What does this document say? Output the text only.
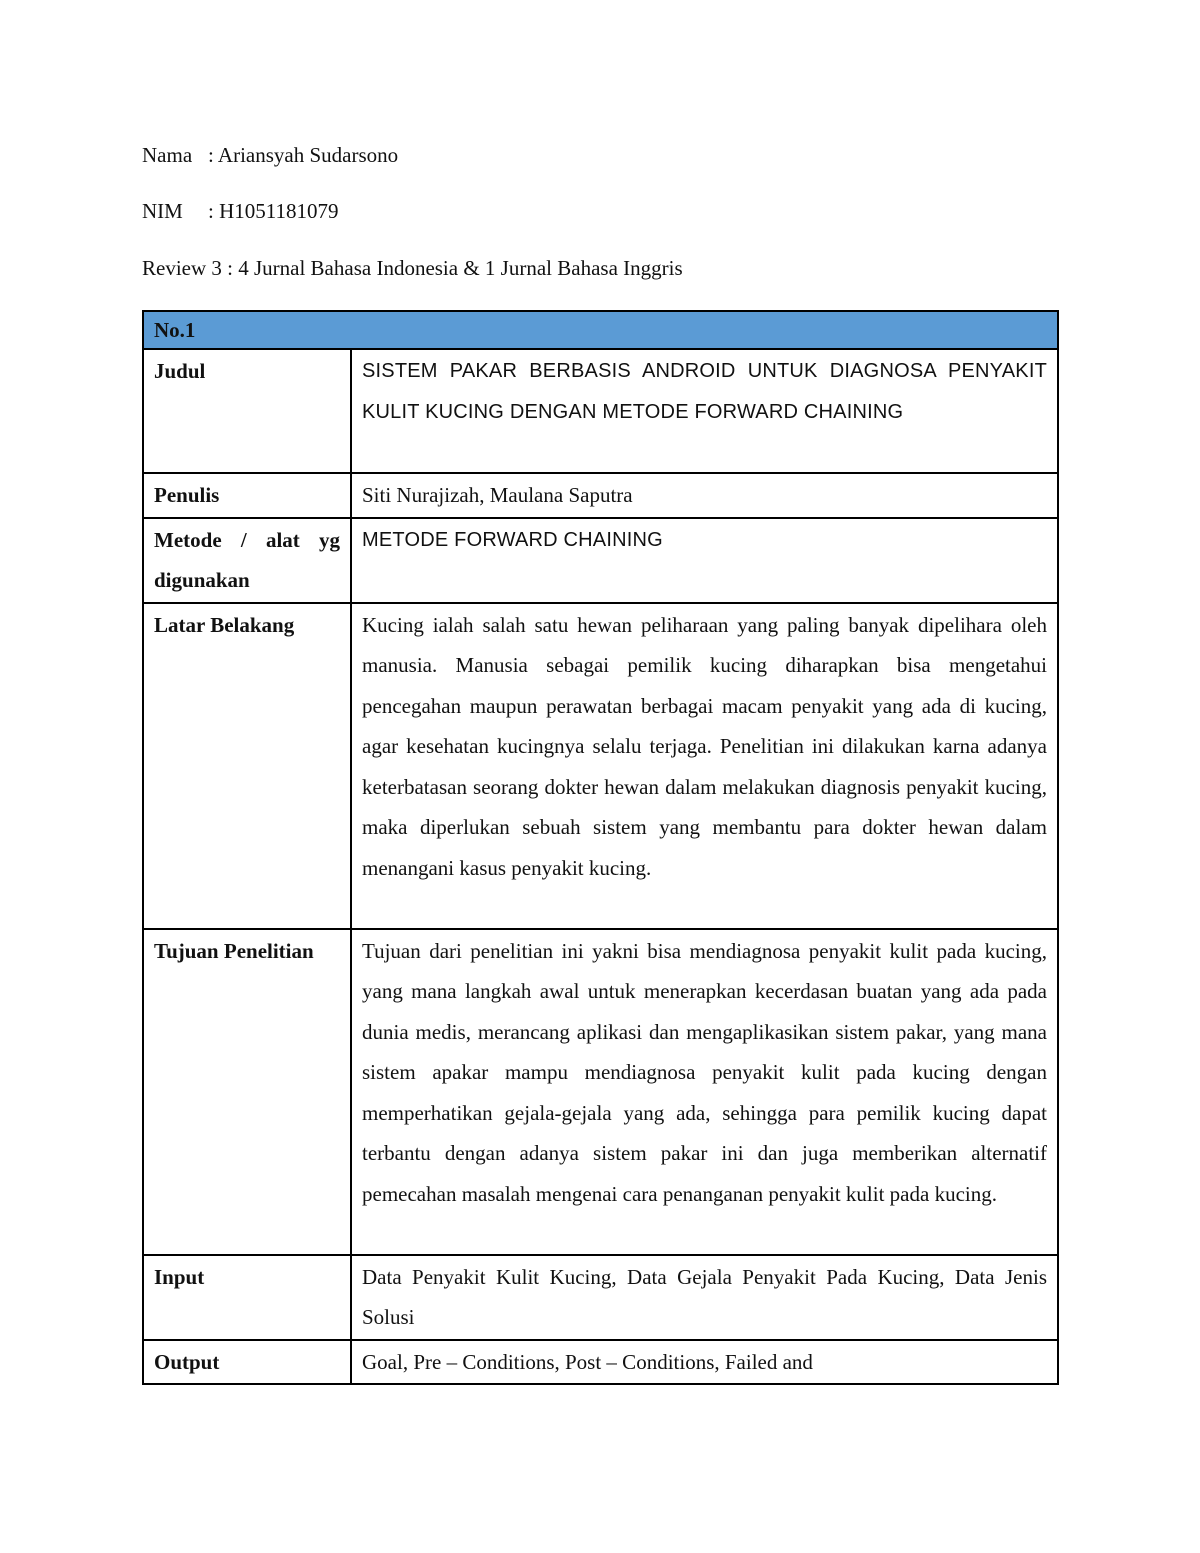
Nama : Ariansyah Sudarsono
NIM : H1051181079
Review 3 : 4 Jurnal Bahasa Indonesia & 1 Jurnal Bahasa Inggris
No.1	
Judul	SISTEM PAKAR BERBASIS ANDROID UNTUK DIAGNOSA PENYAKIT KULIT KUCING DENGAN METODE FORWARD CHAINING
Penulis	Siti Nurajizah, Maulana Saputra
Metode / alat yg digunakan	METODE FORWARD CHAINING
Latar Belakang	Kucing ialah salah satu hewan peliharaan yang paling banyak dipelihara oleh manusia. Manusia sebagai pemilik kucing diharapkan bisa mengetahui pencegahan maupun perawatan berbagai macam penyakit yang ada di kucing, agar kesehatan kucingnya selalu terjaga. Penelitian ini dilakukan karna adanya keterbatasan seorang dokter hewan dalam melakukan diagnosis penyakit kucing, maka diperlukan sebuah sistem yang membantu para dokter hewan dalam menangani kasus penyakit kucing.
Tujuan Penelitian	Tujuan dari penelitian ini yakni bisa mendiagnosa penyakit kulit pada kucing, yang mana langkah awal untuk menerapkan kecerdasan buatan yang ada pada dunia medis, merancang aplikasi dan mengaplikasikan sistem pakar, yang mana sistem apakar mampu mendiagnosa penyakit kulit pada kucing dengan memperhatikan gejala-gejala yang ada, sehingga para pemilik kucing dapat terbantu dengan adanya sistem pakar ini dan juga memberikan alternatif pemecahan masalah mengenai cara penanganan penyakit kulit pada kucing.
Input	Data Penyakit Kulit Kucing, Data Gejala Penyakit Pada Kucing, Data Jenis Solusi
Output	Goal, Pre – Conditions, Post – Conditions, Failed and
